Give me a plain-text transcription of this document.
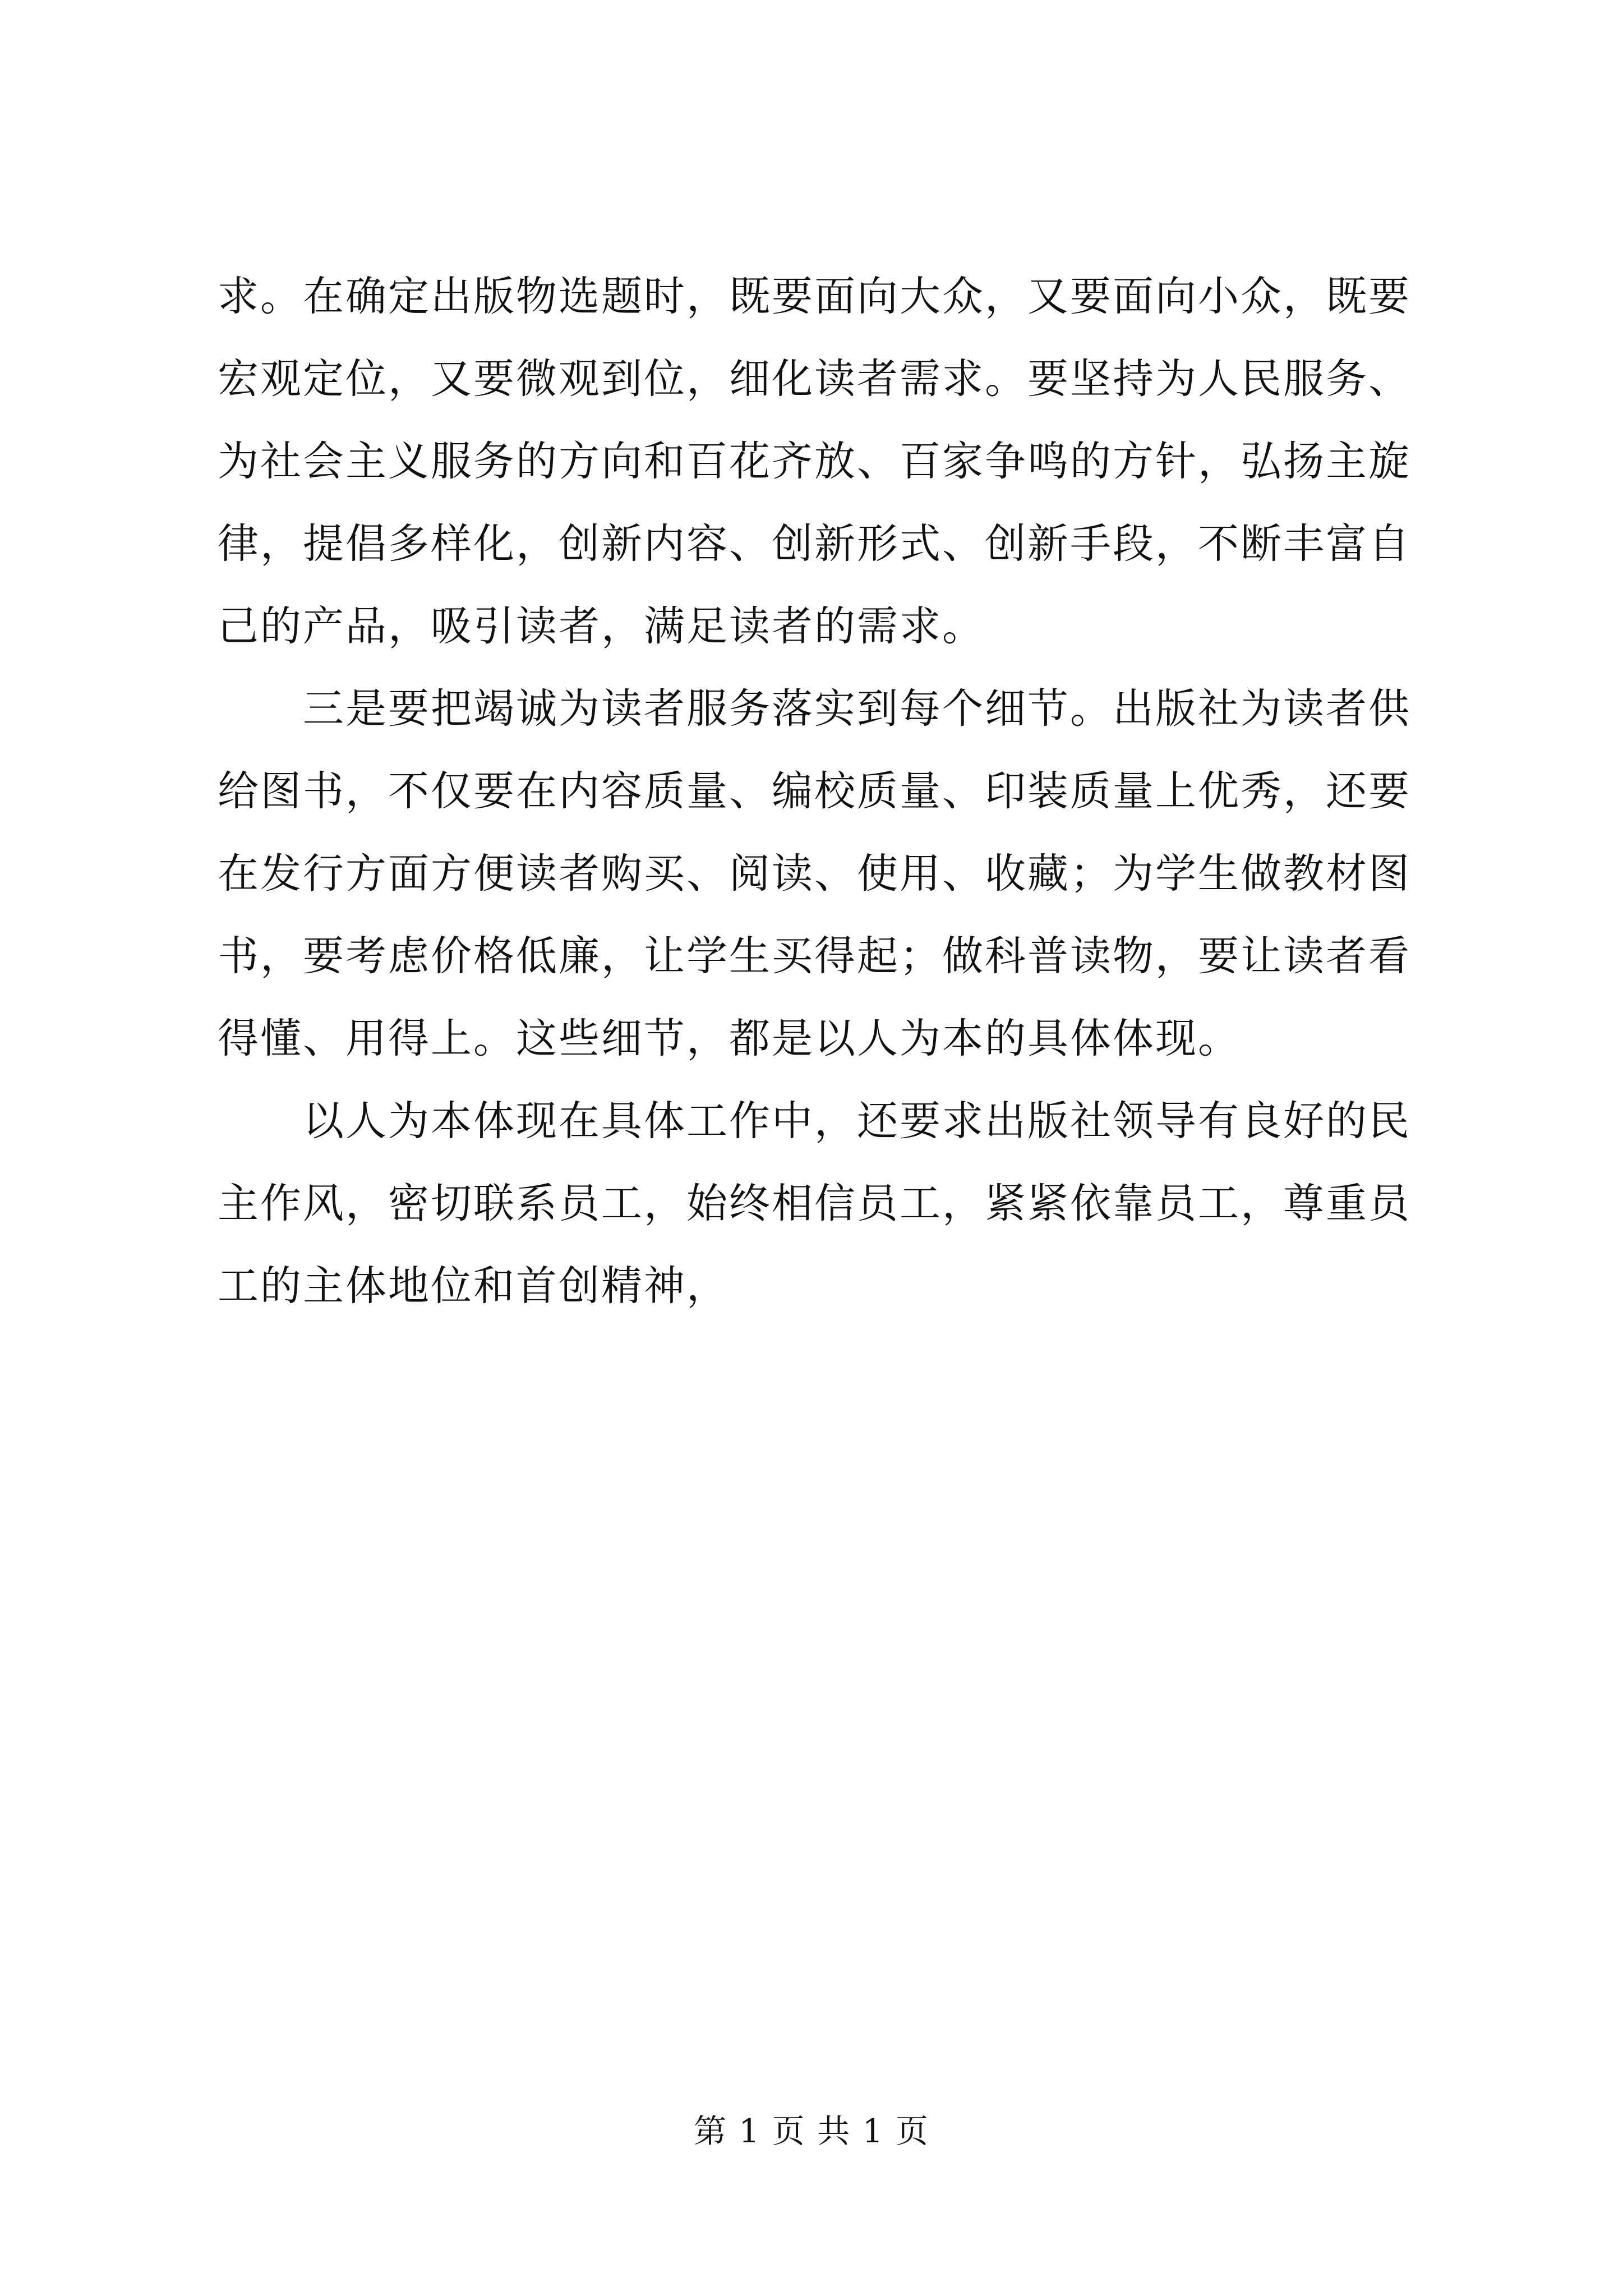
求。在确定出版物选题时，既要面向大众，又要面向小众，既要
宏观定位，又要微观到位，细化读者需求。要坚持为人民服务、
为社会主义服务的方向和百花齐放、百家争鸣的方针，弘扬主旋
律，提倡多样化，创新内容、创新形式、创新手段，不断丰富自
己的产品，吸引读者，满足读者的需求。
　　三是要把竭诚为读者服务落实到每个细节。出版社为读者供
给图书，不仅要在内容质量、编校质量、印装质量上优秀，还要
在发行方面方便读者购买、阅读、使用、收藏；为学生做教材图
书，要考虑价格低廉，让学生买得起；做科普读物，要让读者看
得懂、用得上。这些细节，都是以人为本的具体体现。
　　以人为本体现在具体工作中，还要求出版社领导有良好的民
主作风，密切联系员工，始终相信员工，紧紧依靠员工，尊重员
工的主体地位和首创精神，
第 1 页 共 1 页
